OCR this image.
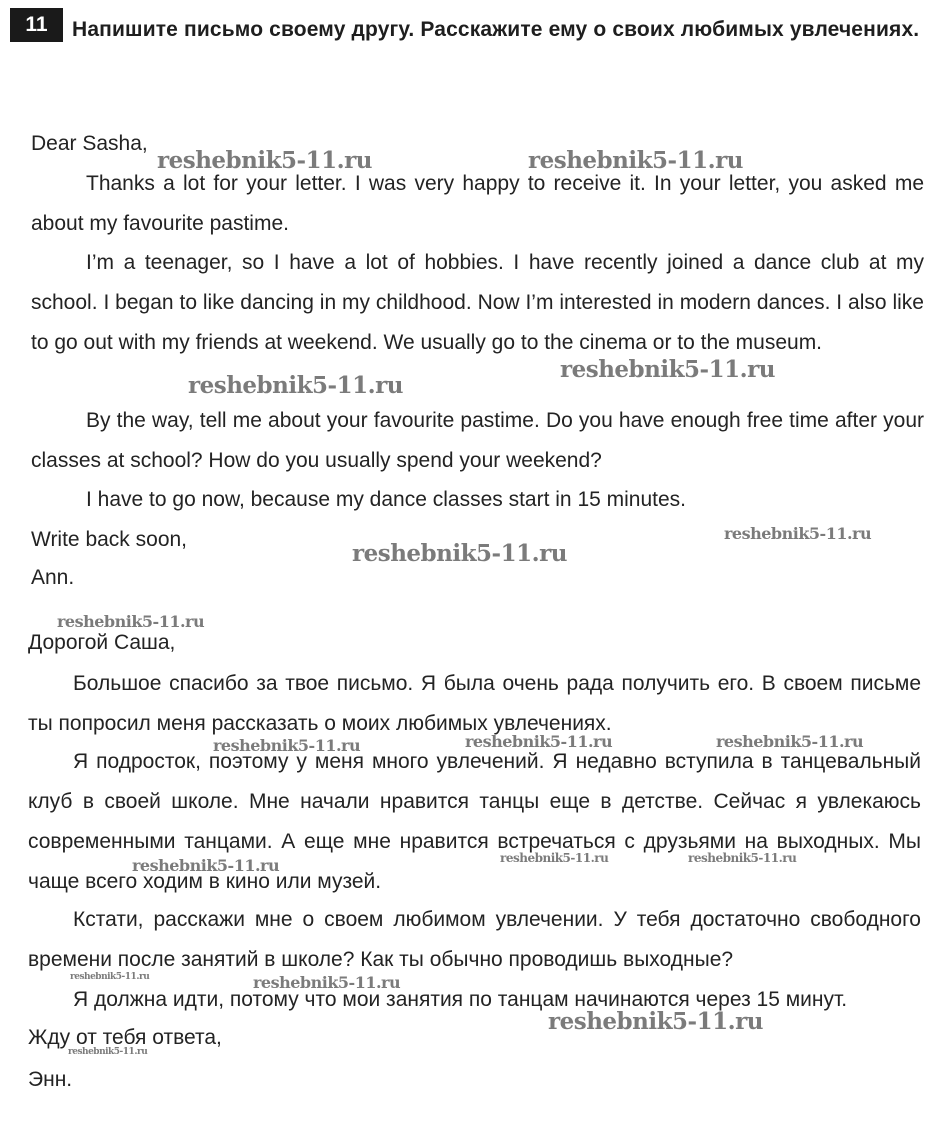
11	Напишите письмо своему другу. Расскажите ему о своих любимых увлечениях.
Dear Sasha,
Thanks a lot for your letter. I was very happy to receive it. In your letter, you asked me about my favourite pastime.
I’m a teenager, so I have a lot of hobbies. I have recently joined a dance club at my school. I began to like dancing in my childhood. Now I’m interested in modern dances. I also like to go out with my friends at weekend. We usually go to the cinema or to the museum.
By the way, tell me about your favourite pastime. Do you have enough free time after your classes at school? How do you usually spend your weekend?
I have to go now, because my dance classes start in 15 minutes.
Write back soon,
Ann.
Дорогой Саша,
Большое спасибо за твое письмо. Я была очень рада получить его. В своем письме ты попросил меня рассказать о моих любимых увлечениях.
Я подросток, поэтому у меня много увлечений. Я недавно вступила в танцевальный клуб в своей школе. Мне начали нравится танцы еще в детстве. Сейчас я увлекаюсь современными танцами. А еще мне нравится встречаться с друзьями на выходных. Мы чаще всего ходим в кино или музей.
Кстати, расскажи мне о своем любимом увлечении. У тебя достаточно свободного времени после занятий в школе? Как ты обычно проводишь выходные?
Я должна идти, потому что мои занятия по танцам начинаются через 15 минут.
Жду от тебя ответа,
Энн.
reshebnik5-11.ru	reshebnik5-11.ru
reshebnik5-11.ru
reshebnik5-11.ru
reshebnik5-11.ru
reshebnik5-11.ru
reshebnik5-11.ru
reshebnik5-11.ru	reshebnik5-11.ru	reshebnik5-11.ru
reshebnik5-11.ru	reshebnik5-11.ru	reshebnik5-11.ru
reshebnik5-11.ru	reshebnik5-11.ru
reshebnik5-11.ru
reshebnik5-11.ru
